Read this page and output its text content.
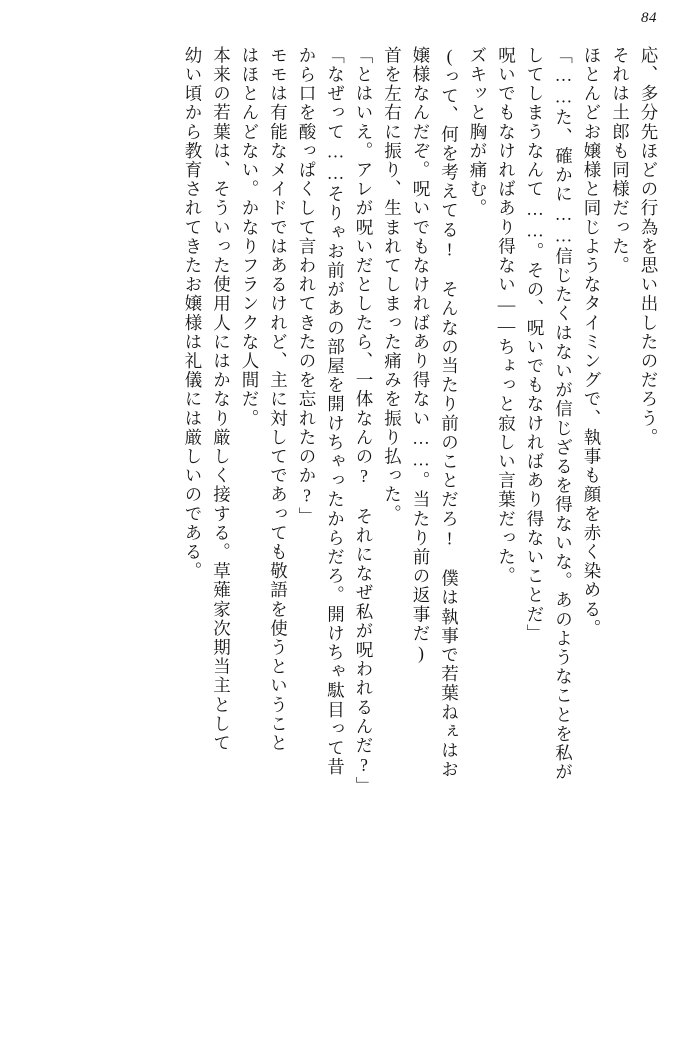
84
応、多分先ほどの行為を思い出したのだろう。
それは土郎も同様だった。
ほとんどお嬢様と同じようなタイミングで、執事も顔を赤く染める。
「……た、確かに……信じたくはないが信じざるを得ないな。あのようなことを私が
してしまうなんて……。その、呪いでもなければあり得ないことだ」
呪いでもなければあり得ない——ちょっと寂しい言葉だった。
ズキッと胸が痛む。
(って、何を考えてる!　そんなの当たり前のことだろ!　僕は執事で若葉ねぇはお
嬢様なんだぞ。呪いでもなければあり得ない……。当たり前の返事だ)
首を左右に振り、生まれてしまった痛みを振り払った。
「とはいえ。アレが呪いだとしたら、一体なんの?　それになぜ私が呪われるんだ?」
「なぜって……そりゃお前があの部屋を開けちゃったからだろ。開けちゃ駄目って昔
から口を酸っぱくして言われてきたのを忘れたのか?」
モモは有能なメイドではあるけれど、主に対してであっても敬語を使うということ
はほとんどない。かなりフランクな人間だ。
本来の若葉は、そういった使用人にはかなり厳しく接する。草薙家次期当主として
幼い頃から教育されてきたお嬢様は礼儀には厳しいのである。
